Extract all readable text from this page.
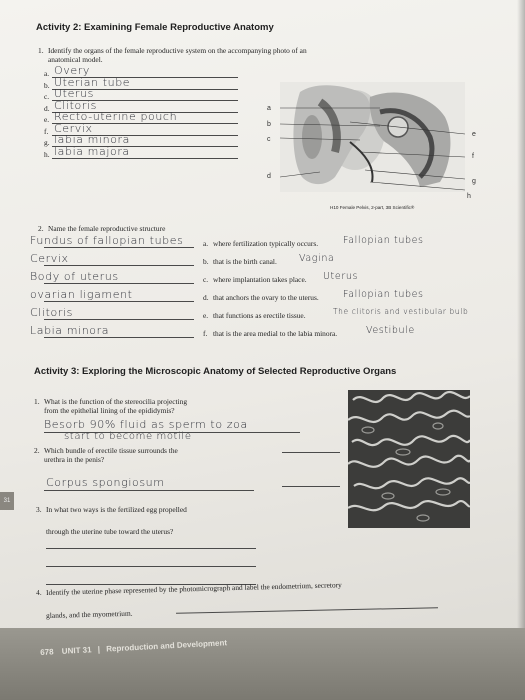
Activity 2: Examining Female Reproductive Anatomy
1. Identify the organs of the female reproductive system on the accompanying photo of an
anatomical model.
a. Overy
b. Uterian tube
c. Uterus
d. Clitoris
e. Recto-uterine pouch
f. Cervix
g. labia minora
h. labia majora
a
b
c
d
e
f
g
h
H10 Female Pelvis, 2-part, 3B Scientific®
2. Name the female reproductive structure
Fundus of fallopian tubes	a. where fertilization typically occurs.	Fallopian tubes
Cervix	b. that is the birth canal. Vagina
Body of uterus	c. where implantation takes place. Uterus
ovarian ligament	d. that anchors the ovary to the uterus.	Fallopian tubes
Clitoris	e. that functions as erectile tissue.	The clitoris and vestibular bulb
Labia minora	f. that is the area medial to the labia minora.	Vestibule
Activity 3: Exploring the Microscopic Anatomy of Selected Reproductive Organs
1. What is the function of the stereocilia projecting
from the epithelial lining of the epididymis?
Besorb 90% fluid as sperm to zoa
start to become motile
2. Which bundle of erectile tissue surrounds the
urethra in the penis?
Corpus spongiosum
3. In what two ways is the fertilized egg propelled
through the uterine tube toward the uterus?
4. Identify the uterine phase represented by the photomicrograph and label the endometrium, secretory
glands, and the myometrium.
31
678 UNIT 31 | Reproduction and Development
